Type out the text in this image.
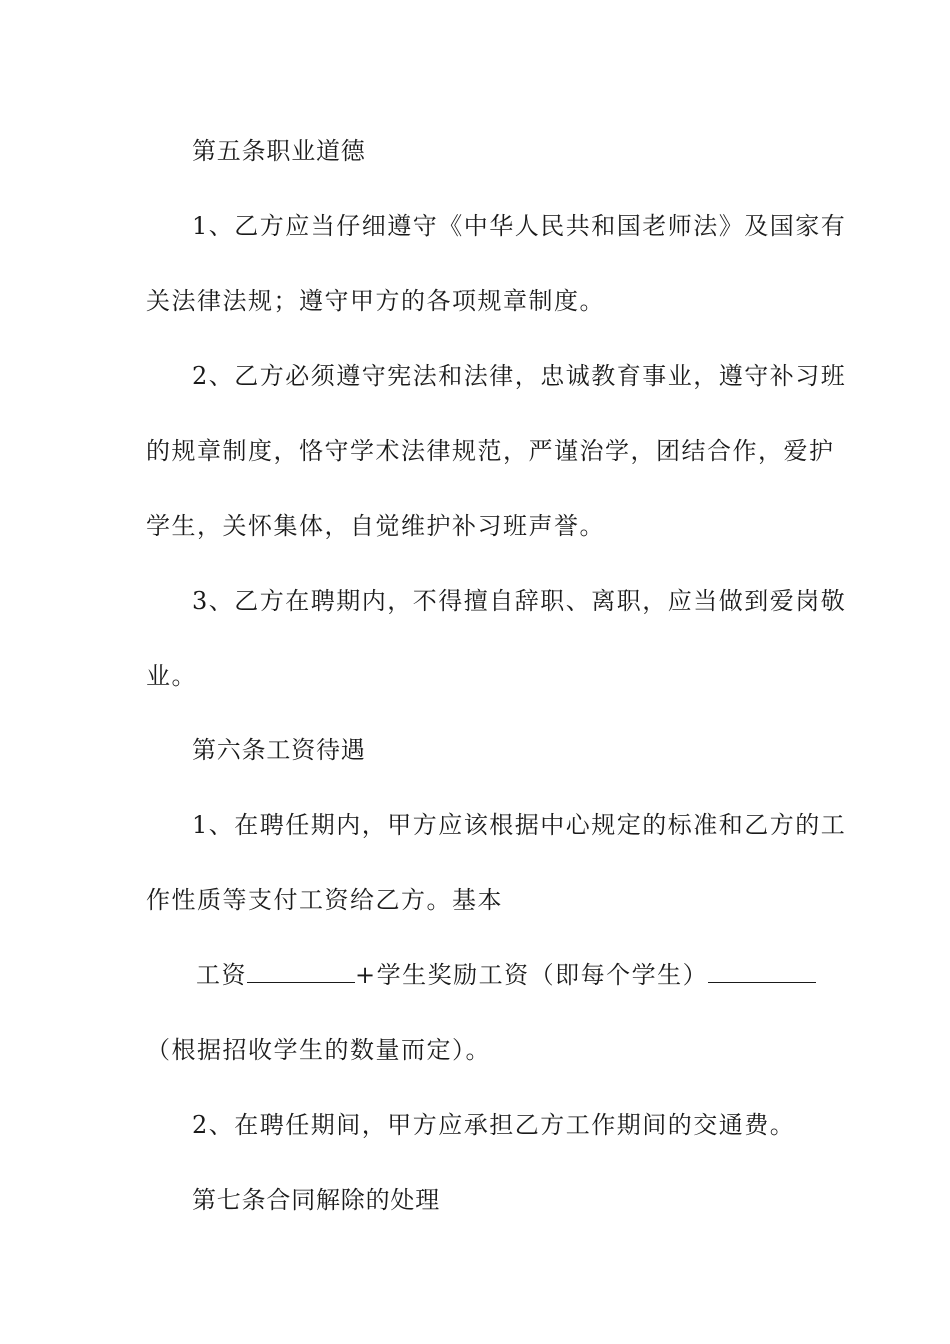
第五条职业道德
1、乙方应当仔细遵守《中华人民共和国老师法》及国家有
关法律法规；遵守甲方的各项规章制度。
2、乙方必须遵守宪法和法律，忠诚教育事业，遵守补习班
的规章制度，恪守学术法律规范，严谨治学，团结合作，爱护
学生，关怀集体，自觉维护补习班声誉。
3、乙方在聘期内，不得擅自辞职、离职，应当做到爱岗敬
业。
第六条工资待遇
1、在聘任期内，甲方应该根据中心规定的标准和乙方的工
作性质等支付工资给乙方。基本
工资	+学生奖励工资（即每个学生）
（根据招收学生的数量而定）。
2、在聘任期间，甲方应承担乙方工作期间的交通费。
第七条合同解除的处理
